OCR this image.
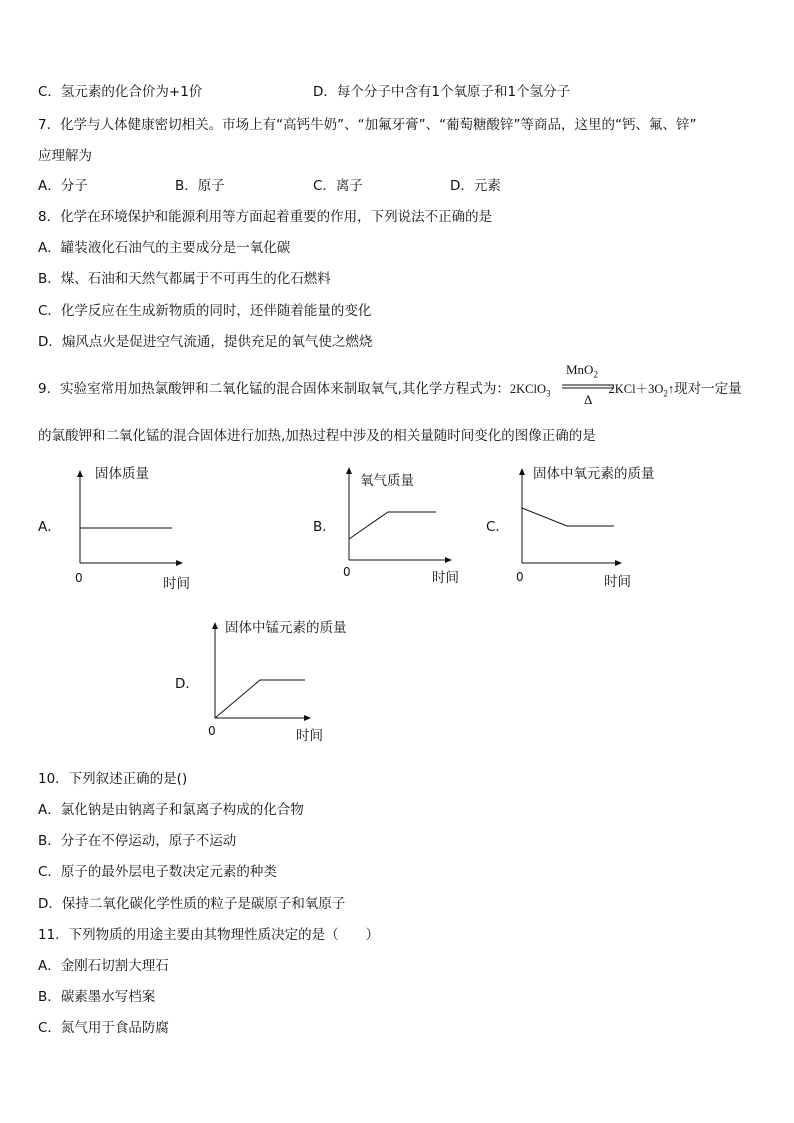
C．氢元素的化合价为+1价	D．每个分子中含有1个氧原子和1个氢分子
7．化学与人体健康密切相关。市场上有“高钙牛奶”、“加氟牙膏”、“葡萄糖酸锌”等商品，这里的“钙、氟、锌”
应理解为
A．分子	B．原子	C．离子	D．元素
8．化学在环境保护和能源利用等方面起着重要的作用，下列说法不正确的是
A．罐装液化石油气的主要成分是一氧化碳
B．煤、石油和天然气都属于不可再生的化石燃料
C．化学反应在生成新物质的同时，还伴随着能量的变化
D．煽风点火是促进空气流通，提供充足的氧气使之燃烧
9．实验室常用加热氯酸钾和二氧化锰的混合固体来制取氧气,其化学方程式为：2KClO$_3$	$2KCl+3O_2↑$现对一定量
MnO$_2$
Δ
的氯酸钾和二氧化锰的混合固体进行加热,加热过程中涉及的相关量随时间变化的图像正确的是
A．
固体质量
0	时间
B．
氧气质量
0	时间
C．
固体中氧元素的质量
0	时间
D．
固体中锰元素的质量
0	时间
10．下列叙述正确的是()
A．氯化钠是由钠离子和氯离子构成的化合物
B．分子在不停运动，原子不运动
C．原子的最外层电子数决定元素的种类
D．保持二氧化碳化学性质的粒子是碳原子和氧原子
11．下列物质的用途主要由其物理性质决定的是（　　）
A．金刚石切割大理石
B．碳素墨水写档案
C．氮气用于食品防腐
